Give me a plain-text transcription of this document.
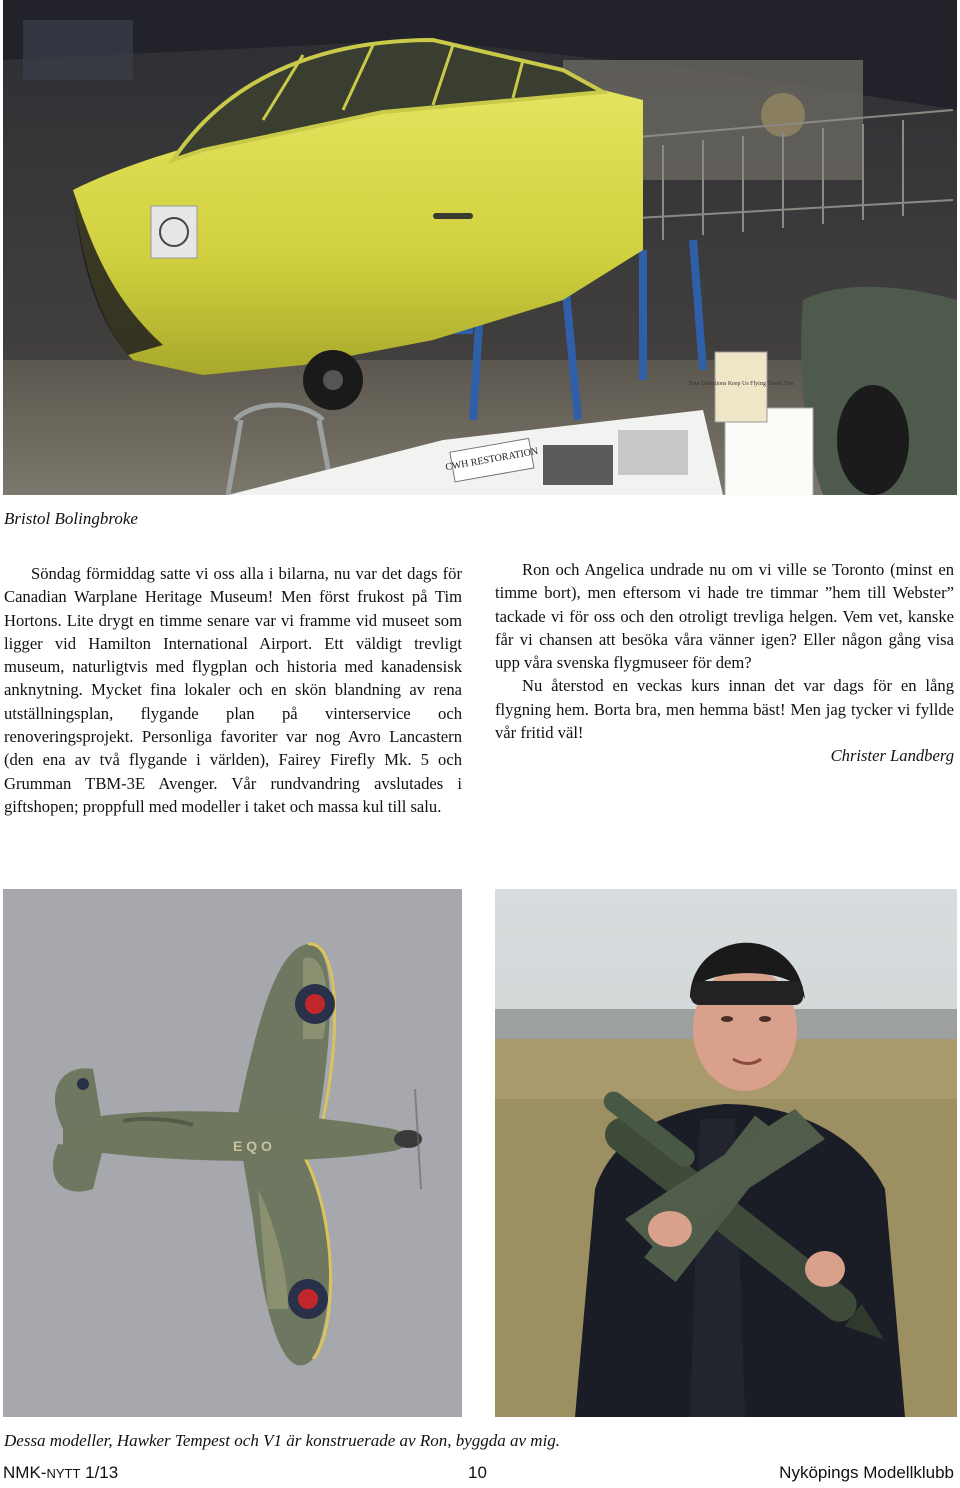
CWH RESTORATION
Your Donations Keep Us Flying Thank You
Bristol Bolingbroke

Söndag förmiddag satte vi oss alla i bilarna, nu var det dags för Canadian Warplane Heritage Museum! Men först frukost på Tim Hortons. Lite drygt en timme senare var vi framme vid museet som ligger vid Hamilton International Airport. Ett väldigt trevligt museum, naturligtvis med flygplan och historia med kanadensisk anknytning. Mycket fina lokaler och en skön blandning av rena utställningsplan, flygande plan på vinterservice och renoveringsprojekt. Personliga favoriter var nog Avro Lancastern (den ena av två flygande i världen), Fairey Firefly Mk. 5 och Grumman TBM-3E Avenger. Vår rundvandring avslutades i giftshopen; proppfull med modeller i taket och massa kul till salu.

Ron och Angelica undrade nu om vi ville se Toronto (minst en timme bort), men eftersom vi hade tre timmar ”hem till Webster” tackade vi för oss och den otroligt trevliga helgen. Vem vet, kanske får vi chansen att besöka våra vänner igen? Eller någon gång visa upp våra svenska flygmuseer för dem?

Nu återstod en veckas kurs innan det var dags för en lång flygning hem. Borta bra, men hemma bäst! Men jag tycker vi fyllde vår fritid väl!

Christer Landberg

E Q O
Dessa modeller, Hawker Tempest och V1 är konstruerade av Ron, byggda av mig.
NMK-NYTT 1/13	10	Nyköpings Modellklubb
